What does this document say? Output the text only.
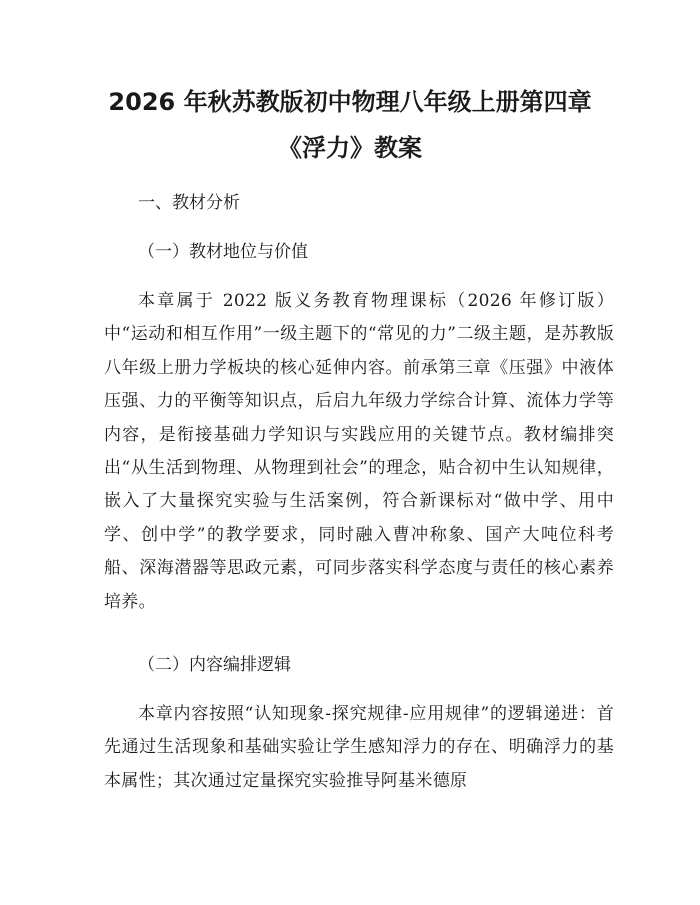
2026 年秋苏教版初中物理八年级上册第四章
《浮力》教案
一、教材分析
（一）教材地位与价值

本章属于 2022 版义务教育物理课标（2026 年修订版）中“运动和相互作用”一级主题下的“常见的力”二级主题，是苏教版八年级上册力学板块的核心延伸内容。前承第三章《压强》中液体压强、力的平衡等知识点，后启九年级力学综合计算、流体力学等内容，是衔接基础力学知识与实践应用的关键节点。教材编排突出“从生活到物理、从物理到社会”的理念，贴合初中生认知规律，嵌入了大量探究实验与生活案例，符合新课标对“做中学、用中学、创中学”的教学要求，同时融入曹冲称象、国产大吨位科考船、深海潜器等思政元素，可同步落实科学态度与责任的核心素养培养。

（二）内容编排逻辑

本章内容按照“认知现象-探究规律-应用规律”的逻辑递进：首先通过生活现象和基础实验让学生感知浮力的存在、明确浮力的基本属性；其次通过定量探究实验推导阿基米德原
